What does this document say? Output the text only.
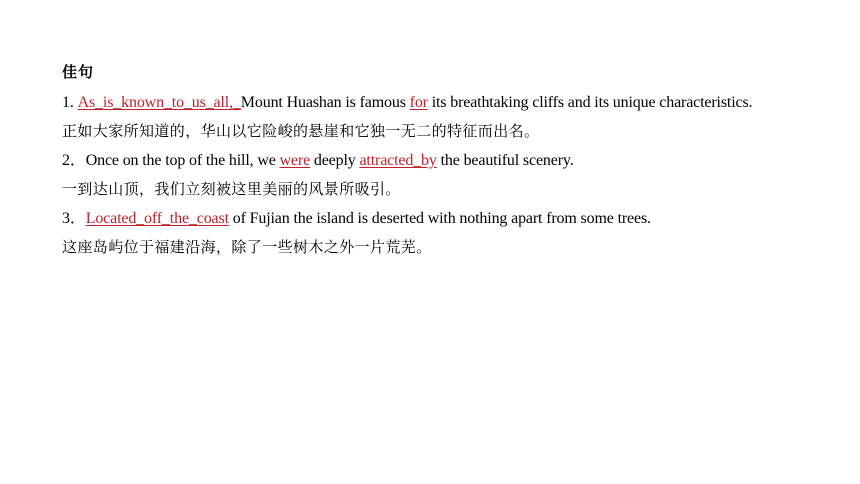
佳句
1. As_is_known_to_us_all,_Mount Huashan is famous for its breathtaking cliffs and its unique characteristics.
正如大家所知道的，华山以它险峻的悬崖和它独一无二的特征而出名。
2．Once on the top of the hill, we were deeply attracted_by the beautiful scenery.
一到达山顶，我们立刻被这里美丽的风景所吸引。
3．Located_off_the_coast of Fujian the island is deserted with nothing apart from some trees.
这座岛屿位于福建沿海，除了一些树木之外一片荒芜。
